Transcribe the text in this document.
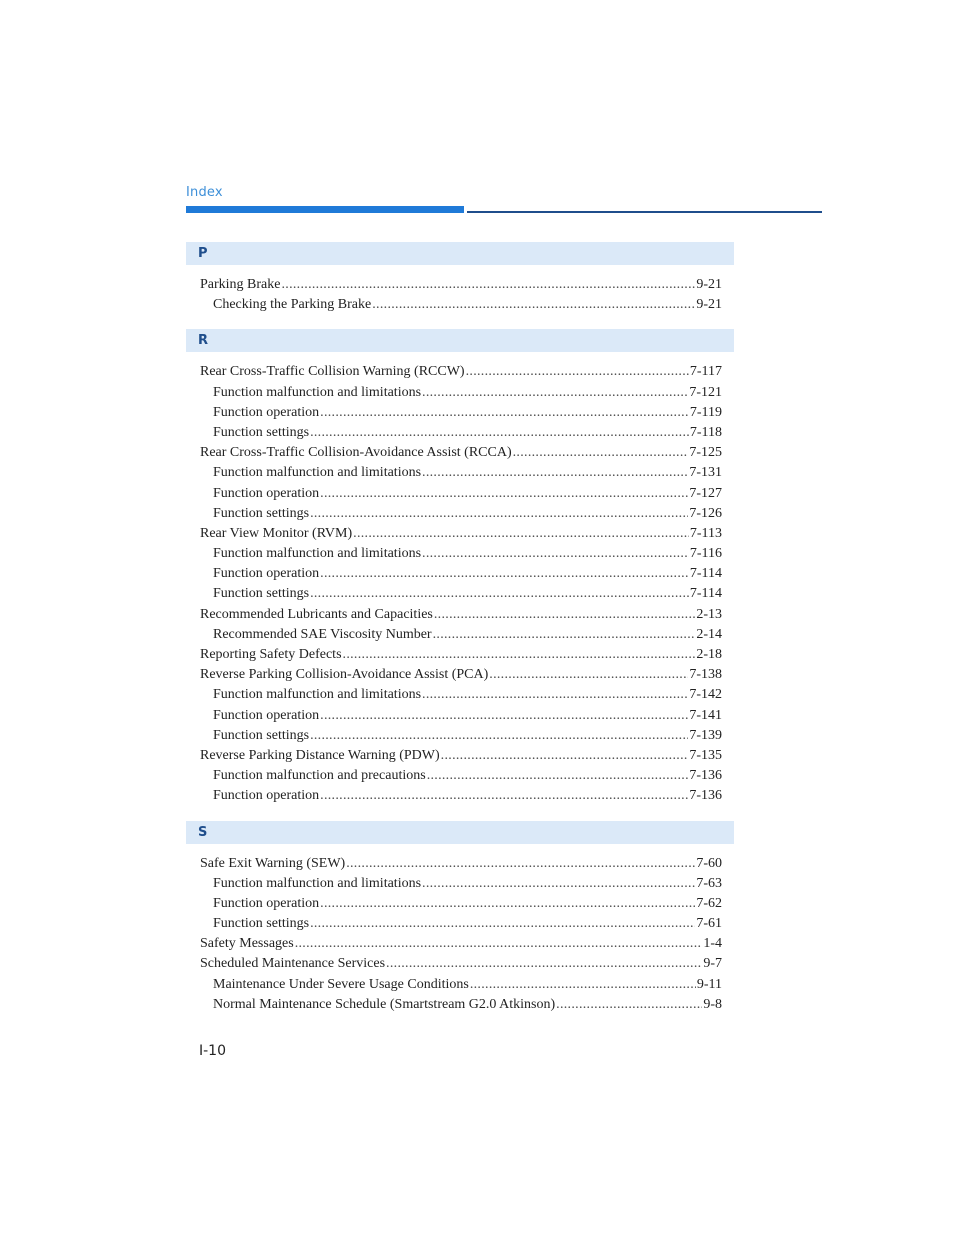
Index
P
Parking Brake .....	9-21
Checking the Parking Brake .....	9-21
R
Rear Cross-Traffic Collision Warning (RCCW) .....	7-117
Function malfunction and limitations .....	7-121
Function operation .....	7-119
Function settings .....	7-118
Rear Cross-Traffic Collision-Avoidance Assist (RCCA) .....	7-125
Function malfunction and limitations .....	7-131
Function operation .....	7-127
Function settings .....	7-126
Rear View Monitor (RVM) .....	7-113
Function malfunction and limitations .....	7-116
Function operation .....	7-114
Function settings .....	7-114
Recommended Lubricants and Capacities .....	2-13
Recommended SAE Viscosity Number .....	2-14
Reporting Safety Defects .....	2-18
Reverse Parking Collision-Avoidance Assist (PCA) .....	7-138
Function malfunction and limitations .....	7-142
Function operation .....	7-141
Function settings .....	7-139
Reverse Parking Distance Warning (PDW) .....	7-135
Function malfunction and precautions .....	7-136
Function operation .....	7-136
S
Safe Exit Warning (SEW) .....	7-60
Function malfunction and limitations .....	7-63
Function operation .....	7-62
Function settings .....	7-61
Safety Messages .....	1-4
Scheduled Maintenance Services .....	9-7
Maintenance Under Severe Usage Conditions .....	9-11
Normal Maintenance Schedule (Smartstream G2.0 Atkinson) .....	9-8
I-10
